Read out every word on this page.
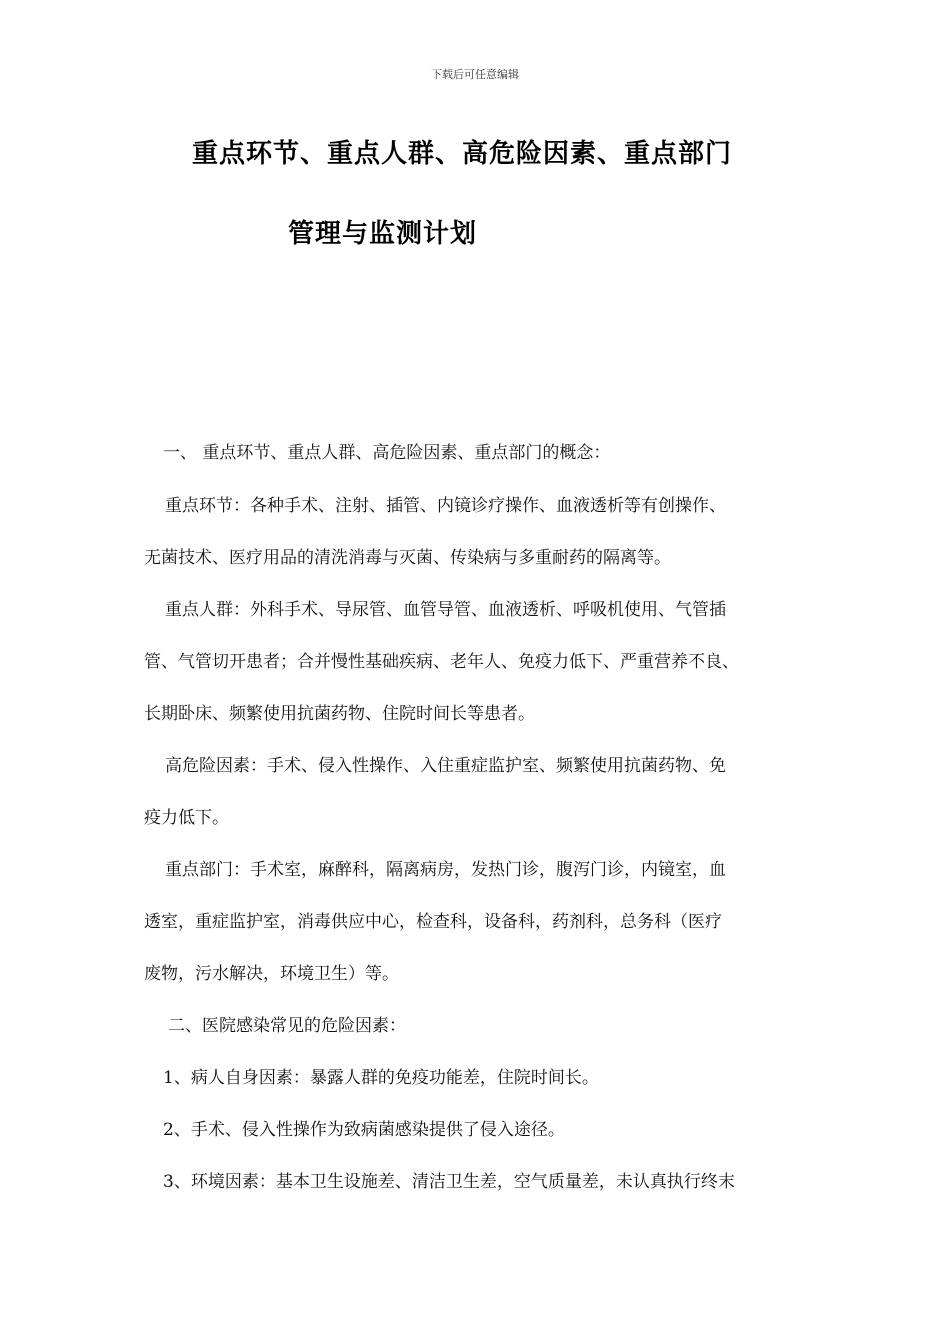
下载后可任意编辑
重点环节、重点人群、高危险因素、重点部门
管理与监测计划
一、 重点环节、重点人群、高危险因素、重点部门的概念：
重点环节：各种手术、注射、插管、内镜诊疗操作、血液透析等有创操作、
无菌技术、医疗用品的清洗消毒与灭菌、传染病与多重耐药的隔离等。
重点人群：外科手术、导尿管、血管导管、血液透析、呼吸机使用、气管插
管、气管切开患者；合并慢性基础疾病、老年人、免疫力低下、严重营养不良、
长期卧床、频繁使用抗菌药物、住院时间长等患者。
高危险因素：手术、侵入性操作、入住重症监护室、频繁使用抗菌药物、免
疫力低下。
重点部门：手术室，麻醉科，隔离病房，发热门诊，腹泻门诊，内镜室，血
透室，重症监护室，消毒供应中心，检查科，设备科，药剂科，总务科（医疗
废物，污水解决，环境卫生）等。
二、医院感染常见的危险因素：
1、病人自身因素：暴露人群的免疫功能差，住院时间长。
2、手术、侵入性操作为致病菌感染提供了侵入途径。
3、环境因素：基本卫生设施差、清洁卫生差，空气质量差，未认真执行终末
